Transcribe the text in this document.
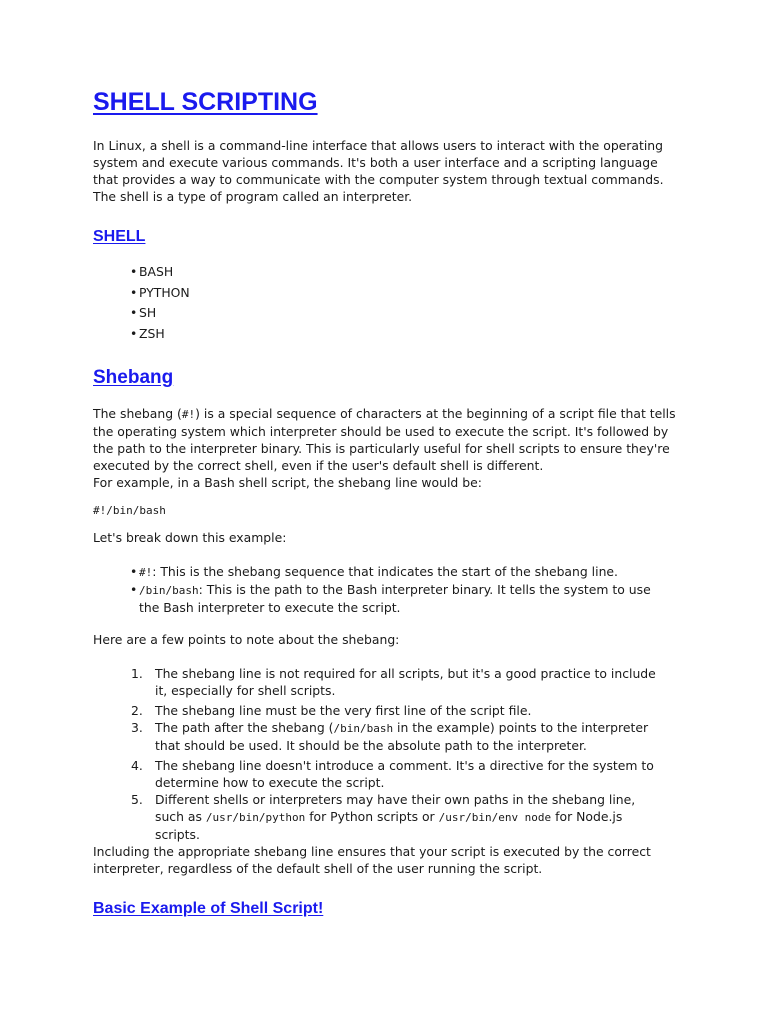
SHELL SCRIPTING

In Linux, a shell is a command-line interface that allows users to interact with the operating system and execute various commands. It's both a user interface and a scripting language that provides a way to communicate with the computer system through textual commands. The shell is a type of program called an interpreter.

SHELL
• BASH
• PYTHON
• SH
• ZSH
Shebang

The shebang (#!) is a special sequence of characters at the beginning of a script file that tells the operating system which interpreter should be used to execute the script. It's followed by the path to the interpreter binary. This is particularly useful for shell scripts to ensure they're executed by the correct shell, even if the user's default shell is different.
For example, in a Bash shell script, the shebang line would be:

#!/bin/bash

Let's break down this example:

• #!: This is the shebang sequence that indicates the start of the shebang line.
• /bin/bash: This is the path to the Bash interpreter binary. It tells the system to use the Bash interpreter to execute the script.

Here are a few points to note about the shebang:

1. The shebang line is not required for all scripts, but it's a good practice to include it, especially for shell scripts.
2. The shebang line must be the very first line of the script file.
3. The path after the shebang (/bin/bash in the example) points to the interpreter that should be used. It should be the absolute path to the interpreter.
4. The shebang line doesn't introduce a comment. It's a directive for the system to determine how to execute the script.
5. Different shells or interpreters may have their own paths in the shebang line, such as /usr/bin/python for Python scripts or /usr/bin/env node for Node.js scripts.

Including the appropriate shebang line ensures that your script is executed by the correct interpreter, regardless of the default shell of the user running the script.

Basic Example of Shell Script!
